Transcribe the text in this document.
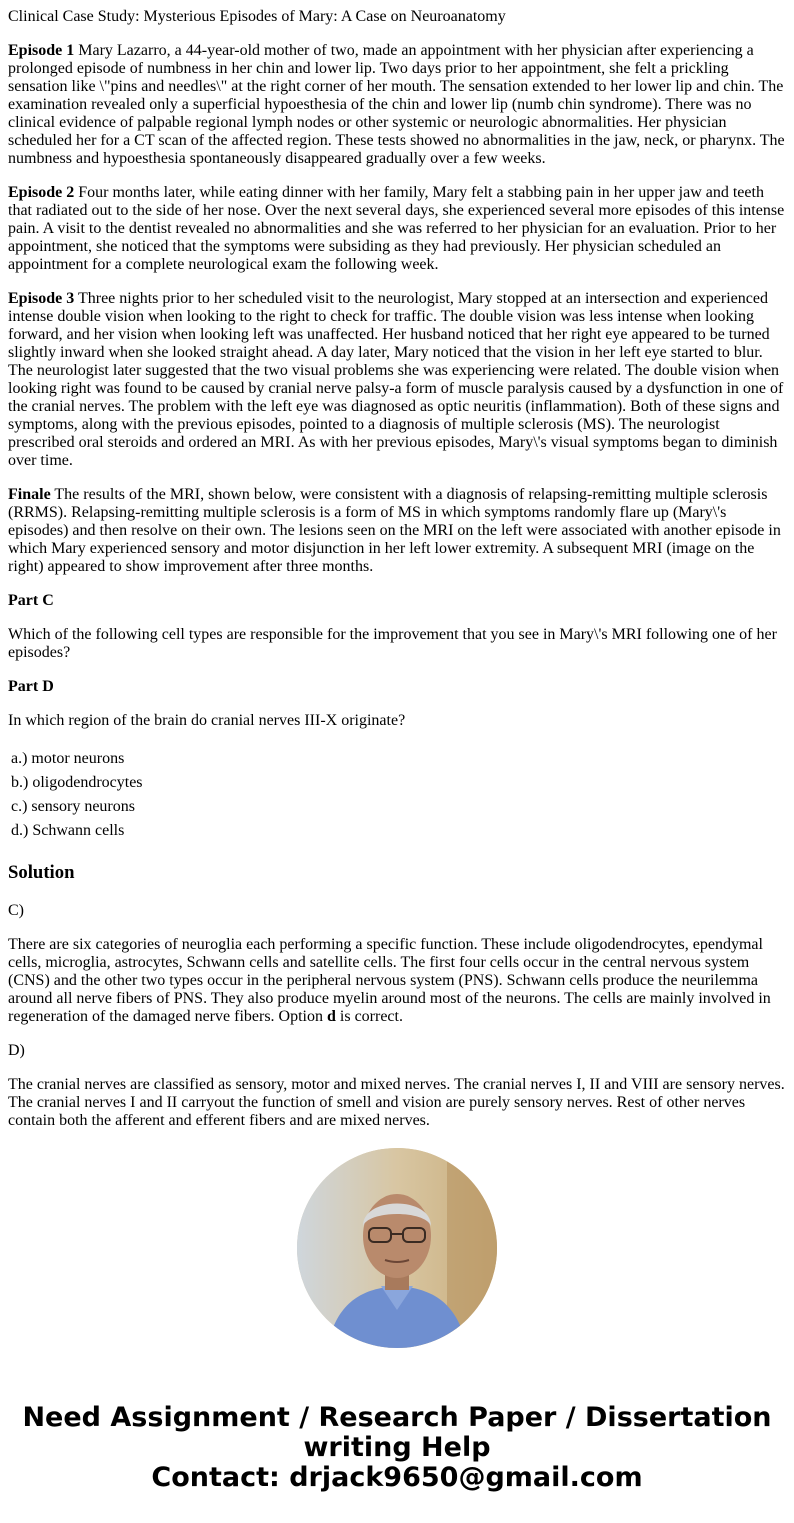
Clinical Case Study: Mysterious Episodes of Mary: A Case on Neuroanatomy

Episode 1 Mary Lazarro, a 44-year-old mother of two, made an appointment with her physician after experiencing a prolonged episode of numbness in her chin and lower lip. Two days prior to her appointment, she felt a prickling sensation like \"pins and needles\" at the right corner of her mouth. The sensation extended to her lower lip and chin. The examination revealed only a superficial hypoesthesia of the chin and lower lip (numb chin syndrome). There was no clinical evidence of palpable regional lymph nodes or other systemic or neurologic abnormalities. Her physician scheduled her for a CT scan of the affected region. These tests showed no abnormalities in the jaw, neck, or pharynx. The numbness and hypoesthesia spontaneously disappeared gradually over a few weeks.

Episode 2 Four months later, while eating dinner with her family, Mary felt a stabbing pain in her upper jaw and teeth that radiated out to the side of her nose. Over the next several days, she experienced several more episodes of this intense pain. A visit to the dentist revealed no abnormalities and she was referred to her physician for an evaluation. Prior to her appointment, she noticed that the symptoms were subsiding as they had previously. Her physician scheduled an appointment for a complete neurological exam the following week.

Episode 3 Three nights prior to her scheduled visit to the neurologist, Mary stopped at an intersection and experienced intense double vision when looking to the right to check for traffic. The double vision was less intense when looking forward, and her vision when looking left was unaffected. Her husband noticed that her right eye appeared to be turned slightly inward when she looked straight ahead. A day later, Mary noticed that the vision in her left eye started to blur. The neurologist later suggested that the two visual problems she was experiencing were related. The double vision when looking right was found to be caused by cranial nerve palsy-a form of muscle paralysis caused by a dysfunction in one of the cranial nerves. The problem with the left eye was diagnosed as optic neuritis (inflammation). Both of these signs and symptoms, along with the previous episodes, pointed to a diagnosis of multiple sclerosis (MS). The neurologist prescribed oral steroids and ordered an MRI. As with her previous episodes, Mary\'s visual symptoms began to diminish over time.

Finale The results of the MRI, shown below, were consistent with a diagnosis of relapsing-remitting multiple sclerosis (RRMS). Relapsing-remitting multiple sclerosis is a form of MS in which symptoms randomly flare up (Mary\'s episodes) and then resolve on their own. The lesions seen on the MRI on the left were associated with another episode in which Mary experienced sensory and motor disjunction in her left lower extremity. A subsequent MRI (image on the right) appeared to show improvement after three months.

Part C

Which of the following cell types are responsible for the improvement that you see in Mary\'s MRI following one of her episodes?

Part D

In which region of the brain do cranial nerves III-X originate?

a.) motor neurons
b.) oligodendrocytes
c.) sensory neurons
d.) Schwann cells
Solution

C)

There are six categories of neuroglia each performing a specific function. These include oligodendrocytes, ependymal cells, microglia, astrocytes, Schwann cells and satellite cells. The first four cells occur in the central nervous system (CNS) and the other two types occur in the peripheral nervous system (PNS). Schwann cells produce the neurilemma around all nerve fibers of PNS. They also produce myelin around most of the neurons. The cells are mainly involved in regeneration of the damaged nerve fibers. Option d is correct.

D)

The cranial nerves are classified as sensory, motor and mixed nerves. The cranial nerves I, II and VIII are sensory nerves. The cranial nerves I and II carryout the function of smell and vision are purely sensory nerves. Rest of other nerves contain both the afferent and efferent fibers and are mixed nerves.

Need Assignment / Research Paper / Dissertation
writing Help
Contact: drjack9650@gmail.com
